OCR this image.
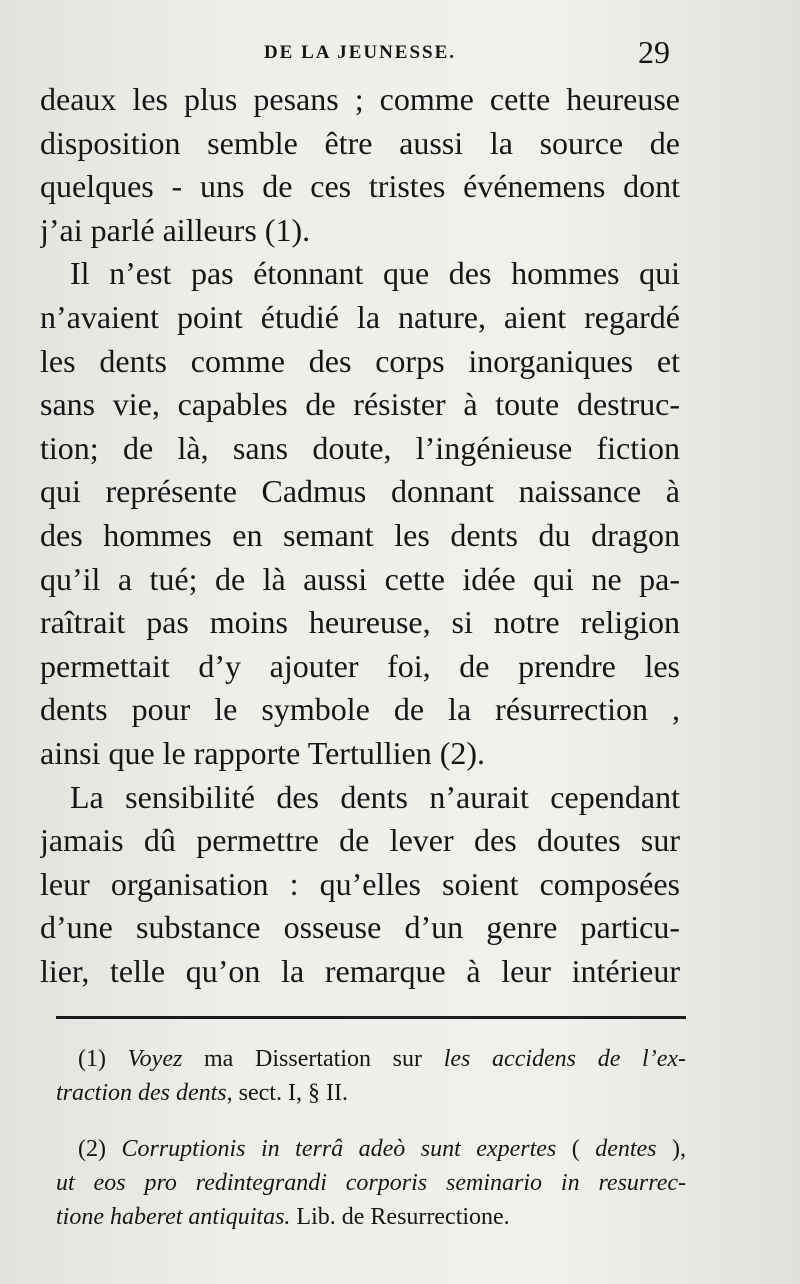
DE LA JEUNESSE.	29
deaux les plus pesans ; comme cette heureuse
disposition semble être aussi la source de
quelques - uns de ces tristes événemens dont
j’ai parlé ailleurs (1).
Il n’est pas étonnant que des hommes qui
n’avaient point étudié la nature, aient regardé
les dents comme des corps inorganiques et
sans vie, capables de résister à toute destruc-
tion; de là, sans doute, l’ingénieuse fiction
qui représente Cadmus donnant naissance à
des hommes en semant les dents du dragon
qu’il a tué; de là aussi cette idée qui ne pa-
raîtrait pas moins heureuse, si notre religion
permettait d’y ajouter foi, de prendre les
dents pour le symbole de la résurrection ,
ainsi que le rapporte Tertullien (2).
La sensibilité des dents n’aurait cependant
jamais dû permettre de lever des doutes sur
leur organisation : qu’elles soient composées
d’une substance osseuse d’un genre particu-
lier, telle qu’on la remarque à leur intérieur
(1) Voyez ma Dissertation sur les accidens de l’ex-
traction des dents, sect. I, § II.
(2) Corruptionis in terrâ adeò sunt expertes ( dentes ),
ut eos pro redintegrandi corporis seminario in resurrec-
tione haberet antiquitas. Lib. de Resurrectione.
